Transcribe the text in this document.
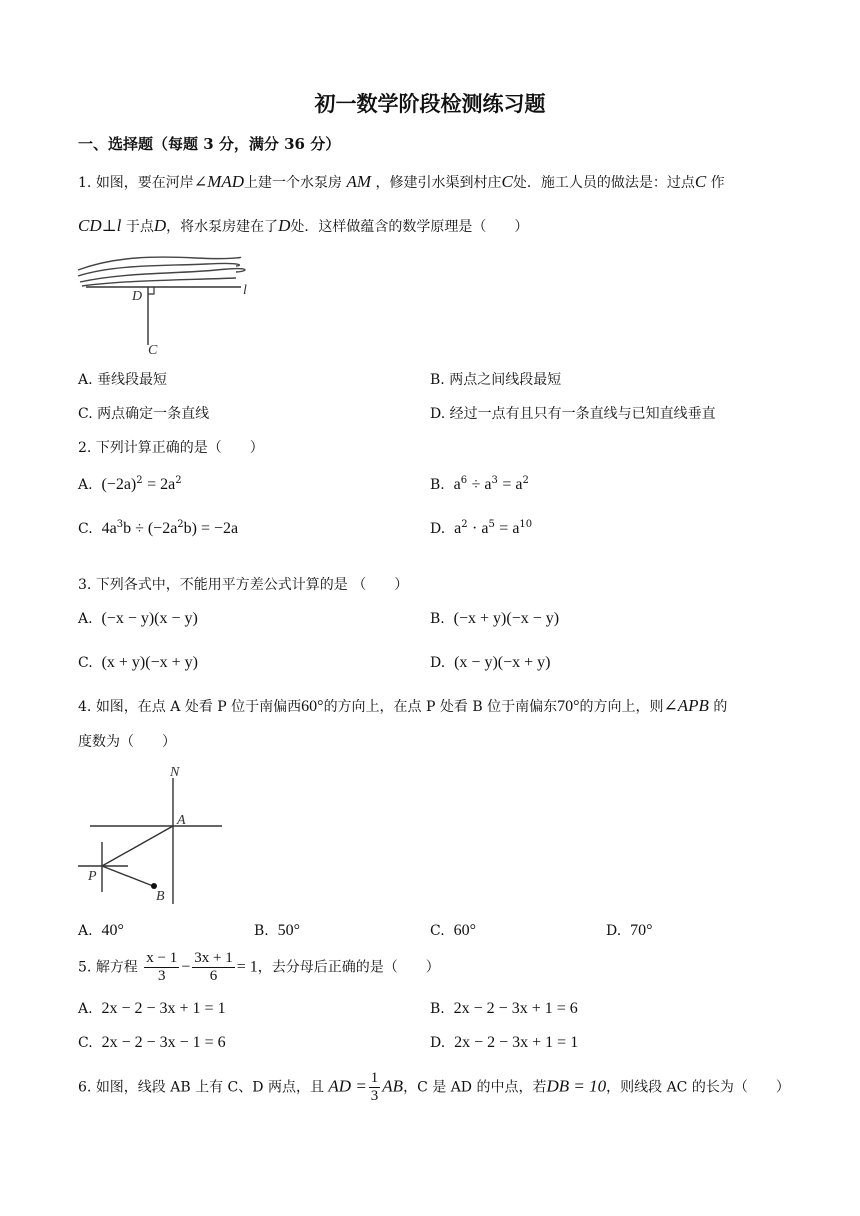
初一数学阶段检测练习题
一、选择题（每题 3 分，满分 36 分）
1. 如图，要在河岸∠MAD上建一个水泵房 AM ，修建引水渠到村庄C处．施工人员的做法是：过点C 作
CD⊥l 于点D，将水泵房建在了D处．这样做蕴含的数学原理是（　　）
D	l
C
A. 垂线段最短	B. 两点之间线段最短
C. 两点确定一条直线	D. 经过一点有且只有一条直线与已知直线垂直
2. 下列计算正确的是（　　）
A. $(-2a)^2 = 2a^2$	B. $a^6 \div a^3 = a^2$
C. $4a^3b \div (-2a^2b) = -2a$	D. $a^2 \cdot a^5 = a^{10}$
3. 下列各式中，不能用平方差公式计算的是 （　　）
A. (−x − y)(x − y)	B. (−x + y)(−x − y)
C. (x + y)(−x + y)	D. (x − y)(−x + y)
4. 如图，在点 A 处看 P 位于南偏西60°的方向上，在点 P 处看 B 位于南偏东70°的方向上，则∠APB 的
度数为（　　）
N
A
P
B
A. 40°	B. 50°	C. 60°	D. 70°
5. 解方程 $\frac{x - 1}{3} - \frac{3x + 1}{6} = 1$，去分母后正确的是（　　）
A. 2x − 2 − 3x + 1 = 1	B. 2x − 2 − 3x + 1 = 6
C. 2x − 2 − 3x − 1 = 6	D. 2x − 2 − 3x + 1 = 1
6. 如图，线段 AB 上有 C、D 两点，且 AD = $\frac{1}{3}$ AB，C 是 AD 的中点，若DB = 10，则线段 AC 的长为（　　）
